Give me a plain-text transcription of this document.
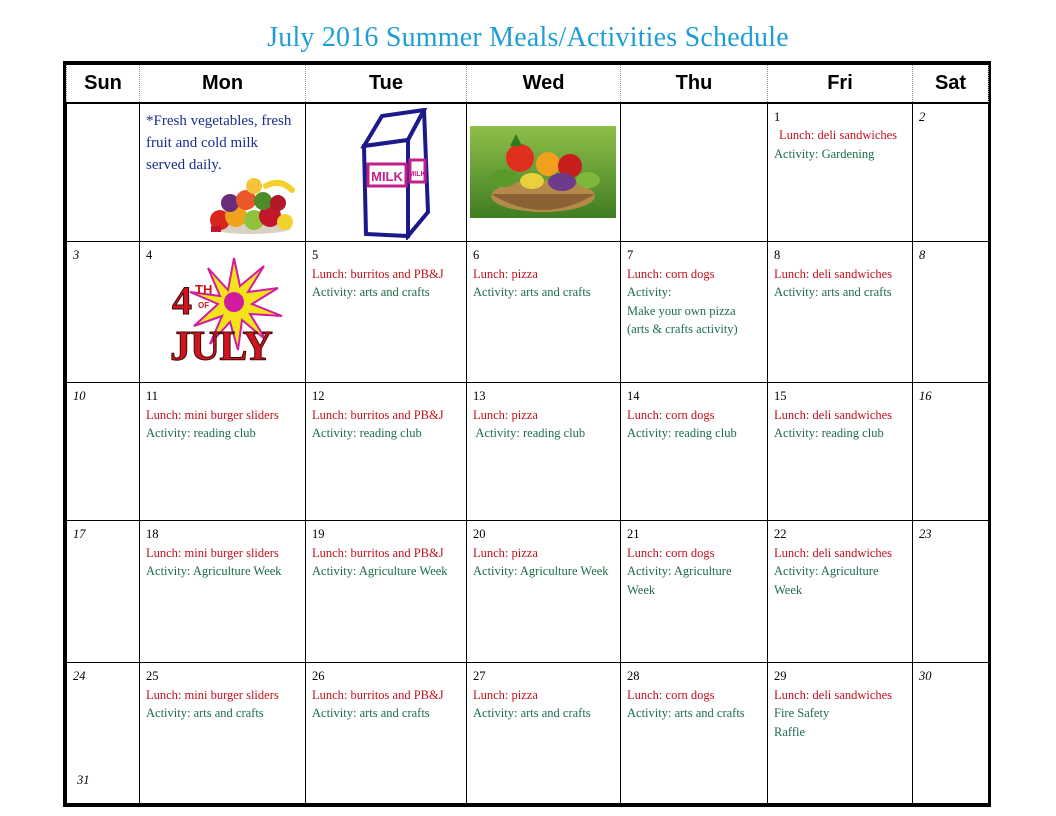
July 2016 Summer Meals/Activities Schedule
Sun	Mon	Tue	Wed	Thu	Fri	Sat

	*Fresh vegetables, fresh fruit and cold milk served daily.	MILK MILK			1
Lunch: deli sandwiches
Activity: Gardening	2

3	4
4 TH
OF
JULY	5
Lunch: burritos and PB&J
Activity: arts and crafts	6
Lunch: pizza
Activity: arts and crafts	7
Lunch: corn dogs
Activity:
Make your own pizza
(arts & crafts activity)	8
Lunch: deli sandwiches
Activity: arts and crafts	8

10	11
Lunch: mini burger sliders
Activity: reading club	12
Lunch: burritos and PB&J
Activity: reading club	13
Lunch: pizza
Activity: reading club	14
Lunch: corn dogs
Activity: reading club	15
Lunch: deli sandwiches
Activity: reading club	16

17	18
Lunch: mini burger sliders
Activity: Agriculture Week	19
Lunch: burritos and PB&J
Activity: Agriculture Week	20
Lunch: pizza
Activity: Agriculture Week	21
Lunch: corn dogs
Activity: Agriculture Week	22
Lunch: deli sandwiches
Activity: Agriculture Week	23

24
31	25
Lunch: mini burger sliders
Activity: arts and crafts	26
Lunch: burritos and PB&J
Activity: arts and crafts	27
Lunch: pizza
Activity: arts and crafts	28
Lunch: corn dogs
Activity: arts and crafts	29
Lunch: deli sandwiches
Fire Safety
Raffle	30
